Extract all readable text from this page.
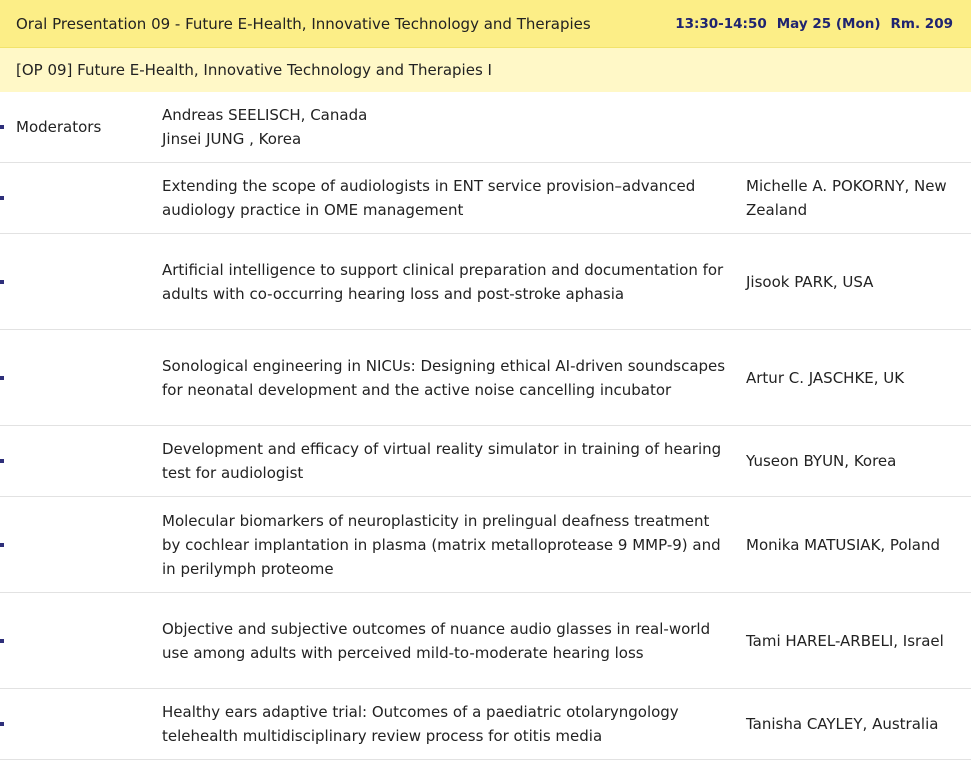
Oral Presentation 09 - Future E-Health, Innovative Technology and Therapies	13:30-14:50 May 25 (Mon) Rm. 209
[OP 09] Future E-Health, Innovative Technology and Therapies I
Moderators
Andreas SEELISCH, Canada
Jinsei JUNG , Korea
Extending the scope of audiologists in ENT service provision–advanced audiology practice in OME management
Michelle A. POKORNY, New Zealand
Artificial intelligence to support clinical preparation and documentation for adults with co-occurring hearing loss and post-stroke aphasia
Jisook PARK, USA
Sonological engineering in NICUs: Designing ethical AI-driven soundscapes for neonatal development and the active noise cancelling incubator
Artur C. JASCHKE, UK
Development and efficacy of virtual reality simulator in training of hearing test for audiologist
Yuseon BYUN, Korea
Molecular biomarkers of neuroplasticity in prelingual deafness treatment by cochlear implantation in plasma (matrix metalloprotease 9 MMP-9) and in perilymph proteome
Monika MATUSIAK, Poland
Objective and subjective outcomes of nuance audio glasses in real-world use among adults with perceived mild-to-moderate hearing loss
Tami HAREL-ARBELI, Israel
Healthy ears adaptive trial: Outcomes of a paediatric otolaryngology telehealth multidisciplinary review process for otitis media
Tanisha CAYLEY, Australia
